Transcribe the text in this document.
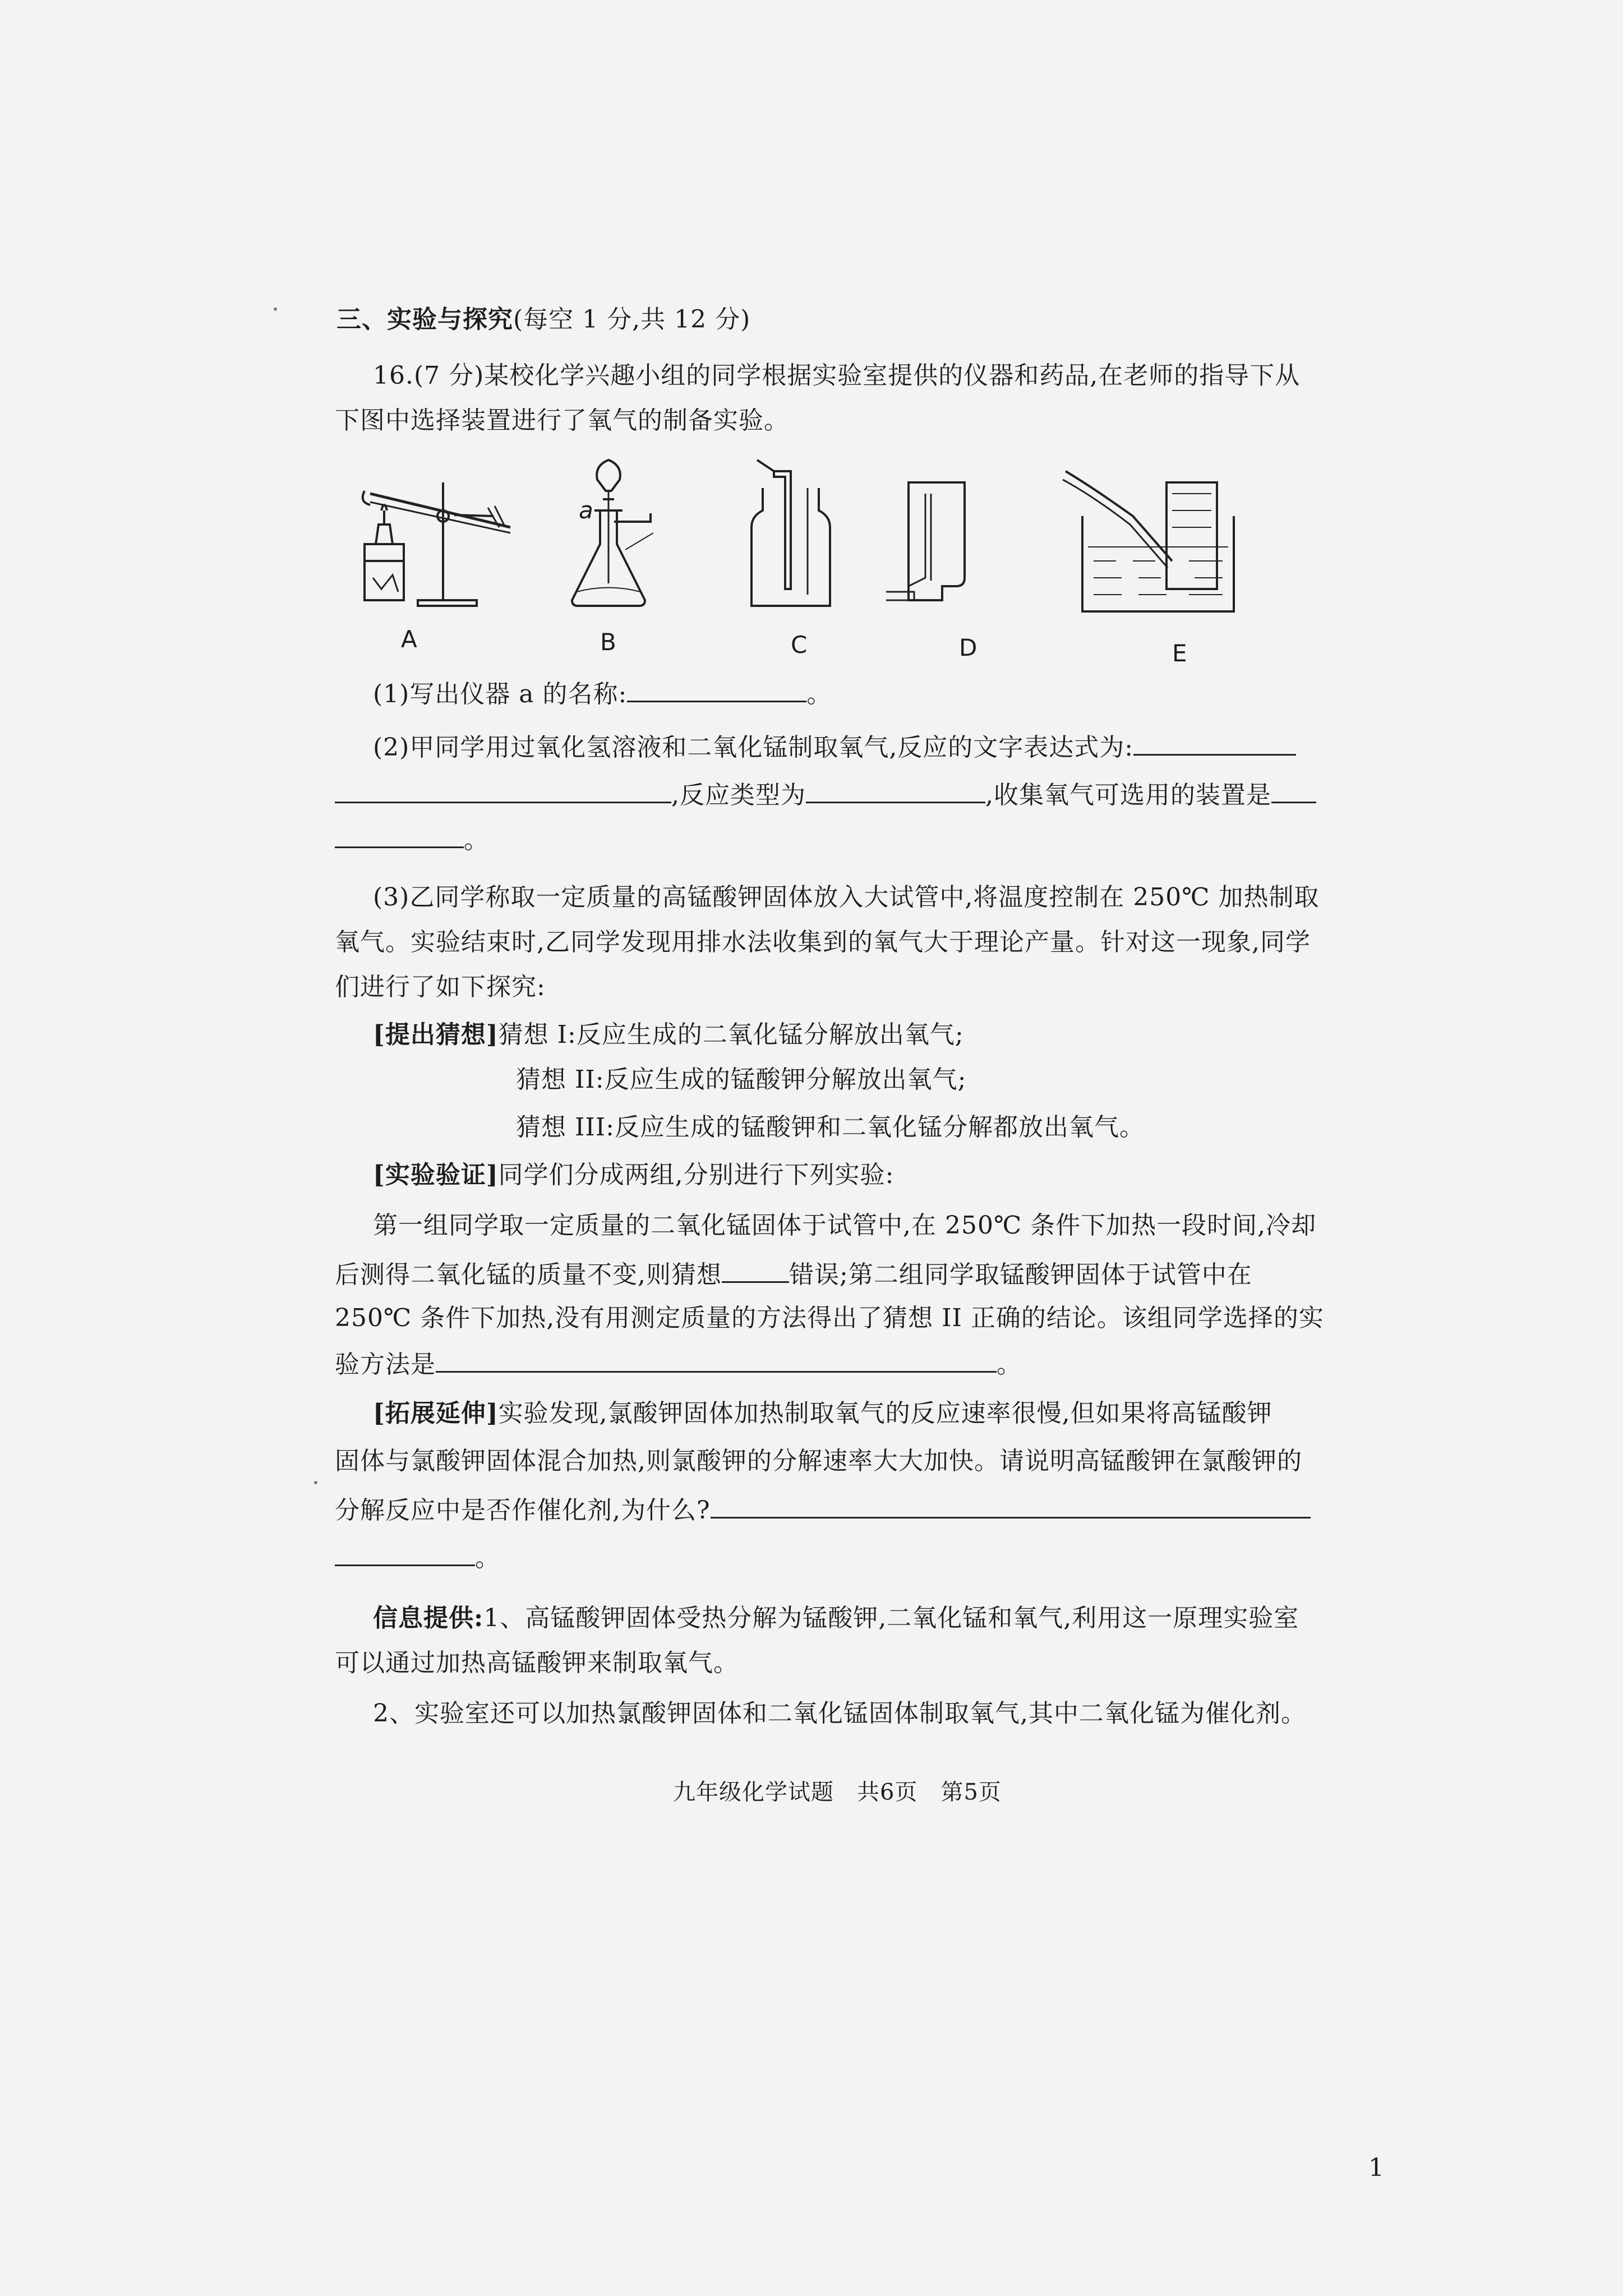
三、实验与探究(每空 1 分,共 12 分)
16.(7 分)某校化学兴趣小组的同学根据实验室提供的仪器和药品,在老师的指导下从
下图中选择装置进行了氧气的制备实验。
a
A	B	C	D	E
(1)写出仪器 a 的名称:	。
(2)甲同学用过氧化氢溶液和二氧化锰制取氧气,反应的文字表达式为:
,反应类型为	,收集氧气可选用的装置是
。
(3)乙同学称取一定质量的高锰酸钾固体放入大试管中,将温度控制在 250℃ 加热制取
氧气。实验结束时,乙同学发现用排水法收集到的氧气大于理论产量。针对这一现象,同学
们进行了如下探究:
[提出猜想]猜想 I:反应生成的二氧化锰分解放出氧气;
猜想 II:反应生成的锰酸钾分解放出氧气;
猜想 III:反应生成的锰酸钾和二氧化锰分解都放出氧气。
[实验验证]同学们分成两组,分别进行下列实验:
第一组同学取一定质量的二氧化锰固体于试管中,在 250℃ 条件下加热一段时间,冷却
后测得二氧化锰的质量不变,则猜想	错误;第二组同学取锰酸钾固体于试管中在
250℃ 条件下加热,没有用测定质量的方法得出了猜想 II 正确的结论。该组同学选择的实
验方法是	。
[拓展延伸]实验发现,氯酸钾固体加热制取氧气的反应速率很慢,但如果将高锰酸钾
固体与氯酸钾固体混合加热,则氯酸钾的分解速率大大加快。请说明高锰酸钾在氯酸钾的
分解反应中是否作催化剂,为什么?
。
信息提供:1、高锰酸钾固体受热分解为锰酸钾,二氧化锰和氧气,利用这一原理实验室
可以通过加热高锰酸钾来制取氧气。
2、实验室还可以加热氯酸钾固体和二氧化锰固体制取氧气,其中二氧化锰为催化剂。
九年级化学试题　共6页　第5页
1
